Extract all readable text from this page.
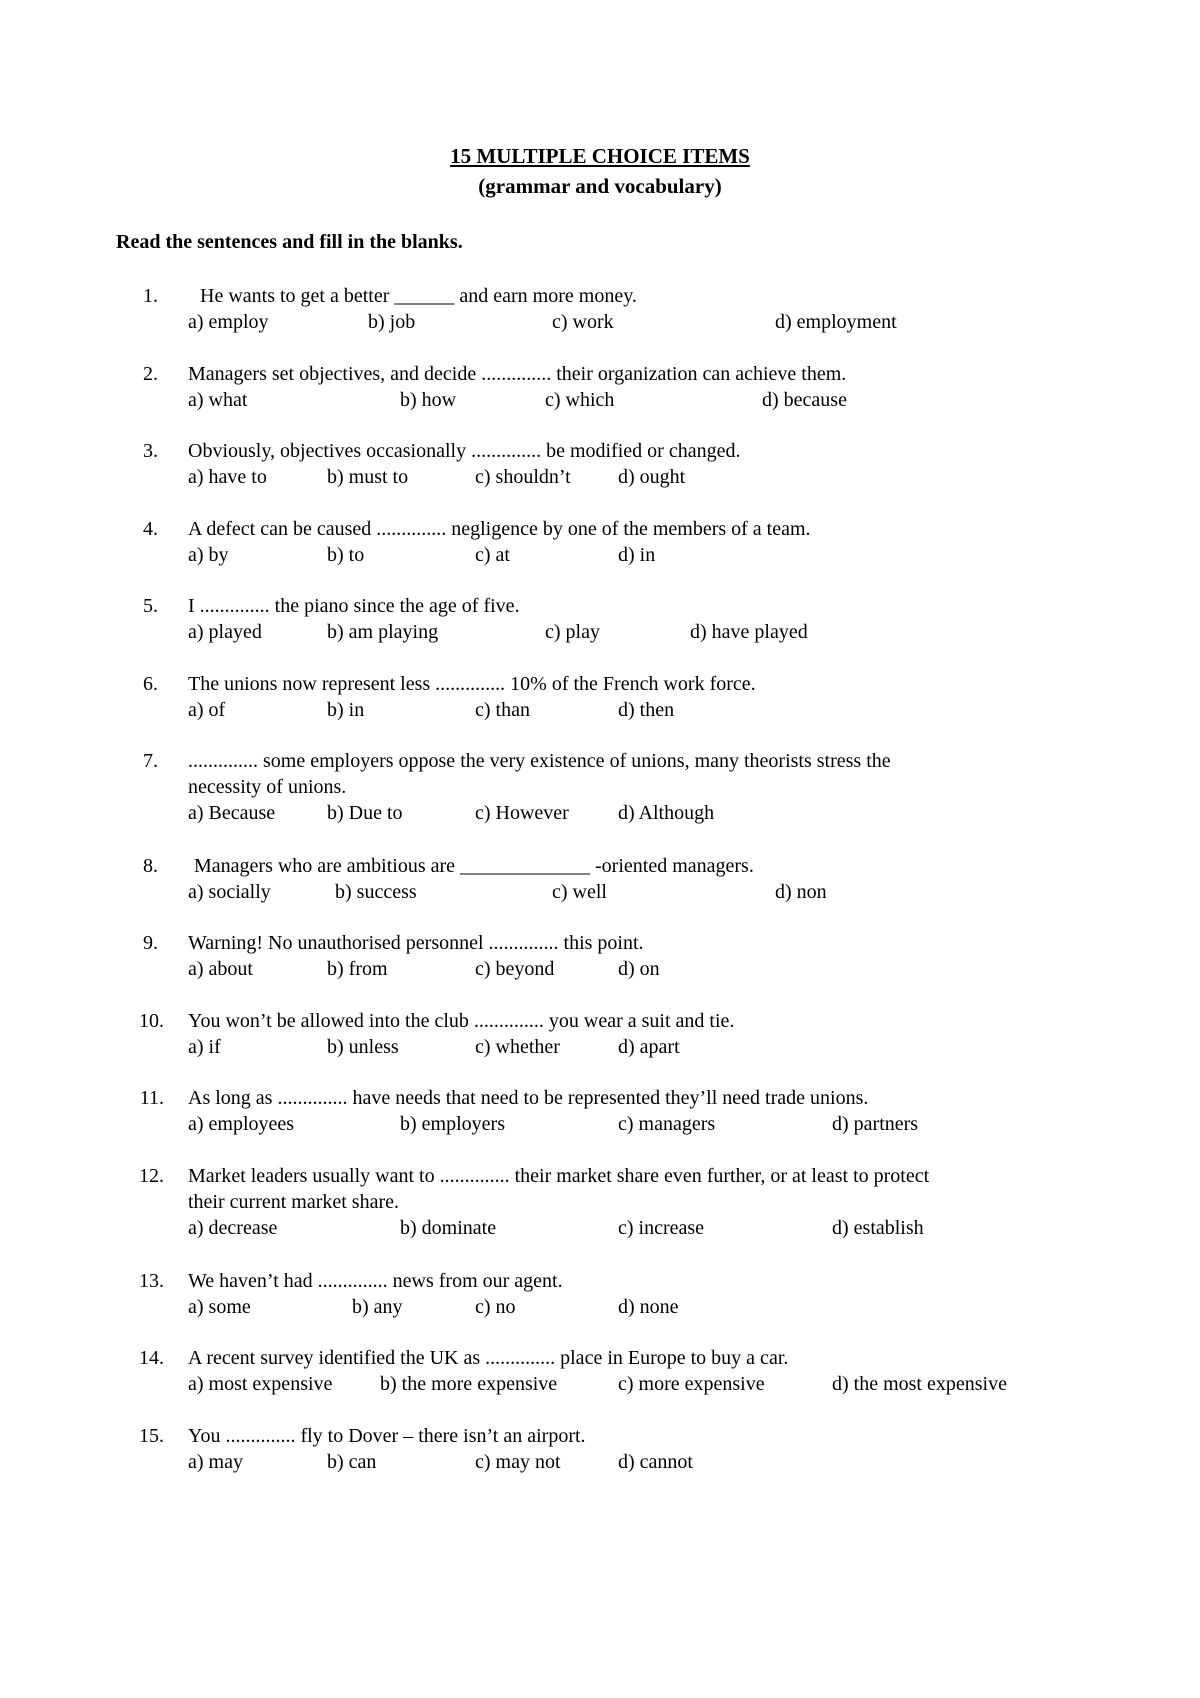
15 MULTIPLE CHOICE ITEMS
(grammar and vocabulary)
Read the sentences and fill in the blanks.
1. He wants to get a better ______ and earn more money.
a) employ	b) job	c) work	d) employment
2. Managers set objectives, and decide .............. their organization can achieve them.
a) what	b) how	c) which	d) because
3. Obviously, objectives occasionally .............. be modified or changed.
a) have to	b) must to	c) shouldn’t d) ought
4. A defect can be caused .............. negligence by one of the members of a team.
a) by	b) to	c) at	d) in
5. I .............. the piano since the age of five.
a) played	b) am playing	c) play	d) have played
6. The unions now represent less .............. 10% of the French work force.
a) of	b) in	c) than	d) then
7. .............. some employers oppose the very existence of unions, many theorists stress the
necessity of unions.
a) Because	b) Due to	c) However d) Although
8. Managers who are ambitious are _____________ -oriented managers.
a) socially	b) success	c) well	d) non
9. Warning! No unauthorised personnel .............. this point.
a) about	b) from	c) beyond	d) on
10. You won’t be allowed into the club .............. you wear a suit and tie.
a) if	b) unless	c) whether	d) apart
11. As long as .............. have needs that need to be represented they’ll need trade unions.
a) employees	b) employers	c) managers	d) partners
12. Market leaders usually want to .............. their market share even further, or at least to protect
their current market share.
a) decrease	b) dominate	c) increase	d) establish
13. We haven’t had .............. news from our agent.
a) some	b) any	c) no	d) none
14. A recent survey identified the UK as .............. place in Europe to buy a car.
a) most expensive b) the more expensive	c) more expensive	d) the most expensive
15. You .............. fly to Dover – there isn’t an airport.
a) may	b) can	c) may not	d) cannot
